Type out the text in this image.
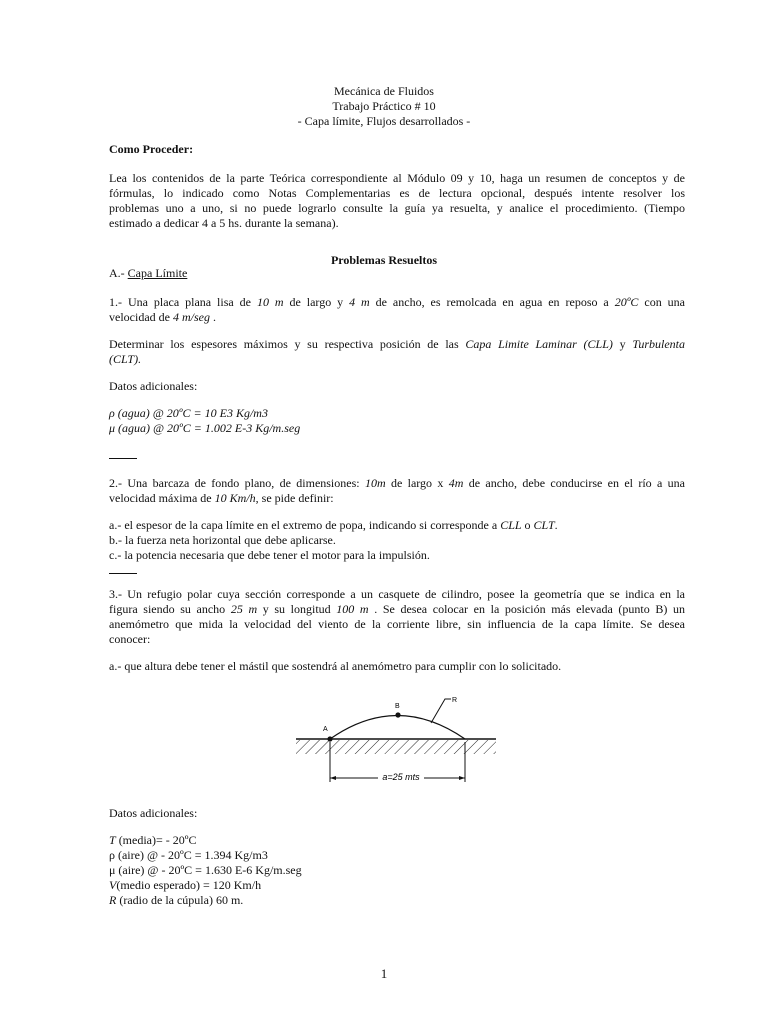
Mecánica de Fluidos
Trabajo Práctico # 10
- Capa límite, Flujos desarrollados -
Como Proceder:
Lea los contenidos de la parte Teórica correspondiente al Módulo 09 y 10, haga un resumen de conceptos y de
fórmulas, lo indicado como Notas Complementarias es de lectura opcional, después intente resolver los
problemas uno a uno, si no puede lograrlo consulte la guía ya resuelta, y analice el procedimiento. (Tiempo
estimado a dedicar 4 a 5 hs. durante la semana).
Problemas Resueltos
A.- Capa Límite
1.- Una placa plana lisa de 10 m de largo y 4 m de ancho, es remolcada en agua en reposo a 20ºC con una
velocidad de 4 m/seg .
Determinar los espesores máximos y su respectiva posición de las Capa Limite Laminar (CLL) y Turbulenta
(CLT).
Datos adicionales:
ρ (agua) @ 20ºC = 10 E3 Kg/m3
μ (agua) @ 20ºC = 1.002 E-3 Kg/m.seg
2.- Una barcaza de fondo plano, de dimensiones: 10m de largo x 4m de ancho, debe conducirse en el río a una
velocidad máxima de 10 Km/h, se pide definir:
a.- el espesor de la capa límite en el extremo de popa, indicando si corresponde a CLL o CLT.
b.- la fuerza neta horizontal que debe aplicarse.
c.- la potencia necesaria que debe tener el motor para la impulsión.
3.- Un refugio polar cuya sección corresponde a un casquete de cilindro, posee la geometría que se indica en la
figura siendo su ancho 25 m y su longitud 100 m . Se desea colocar en la posición más elevada (punto B) un
anemómetro que mida la velocidad del viento de la corriente libre, sin influencia de la capa límite. Se desea
conocer:
a.- que altura debe tener el mástil que sostendrá al anemómetro para cumplir con lo solicitado.
A
B
R
a=25 mts
Datos adicionales:
T (media)= - 20ºC
ρ (aire) @ - 20ºC = 1.394 Kg/m3
μ (aire) @ - 20ºC = 1.630 E-6 Kg/m.seg
V(medio esperado) = 120 Km/h
R (radio de la cúpula) 60 m.
1
